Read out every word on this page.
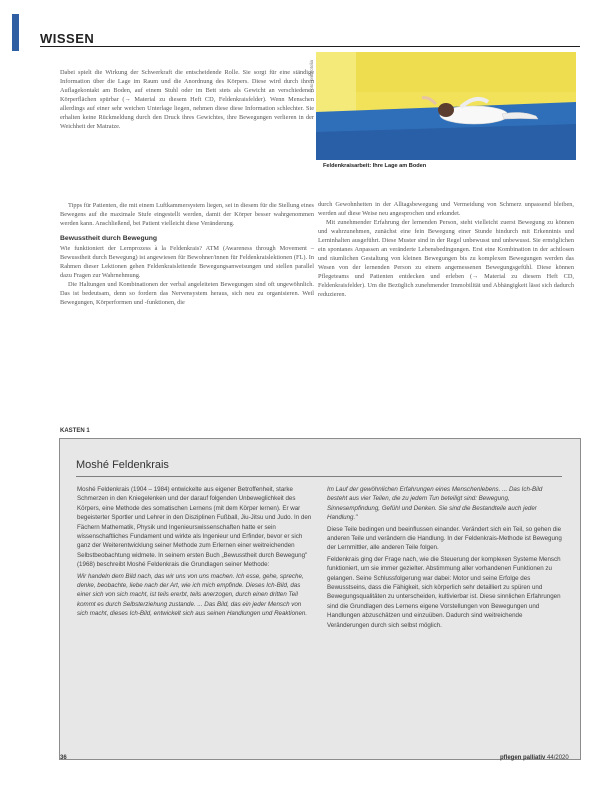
WISSEN
Foto: pm/Fotolia
Feldenkraisarbeit: Ihre Lage am Boden

Dabei spielt die Wirkung der Schwerkraft die entscheidende Rolle. Sie sorgt für eine ständige Information über die Lage im Raum und die Anordnung des Körpers. Diese wird durch ihren Auflagekontakt am Boden, auf einem Stuhl oder im Bett stets als Gewicht an verschiedenen Körperflächen spürbar (→ Material zu diesem Heft CD, Feldenkraisfelder). Wenn Menschen allerdings auf einer sehr weichen Unterlage liegen, nehmen diese diese Information schlechter. Sie erhalten keine Rückmeldung durch den Druck ihres Gewichtes, ihre Bewegungen verlieren in der Weichheit der Matratze.

Tipps für Patienten, die mit einem Luftkammersystem liegen, sei in diesem für die Stellung eines Bewegens auf die maximale Stufe eingestellt werden, damit der Körper besser wahrgenommen werden kann. Anschließend, bei Patient vielleicht diese Veränderung.

Bewusstheit durch Bewegung

Wie funktioniert der Lernprozess à la Feldenkrais? ATM (Awareness through Movement – Bewusstheit durch Bewegung) ist angewiesen für Bewohner/innen für Feldenkraislektionen (FL). In Rahmen dieser Lektionen gehen Feldenkraisleitende Bewegungsanweisungen und stellen parallel dazu Fragen zur Wahrnehmung.

Die Haltungen und Kombinationen der verbal angeleiteten Bewegungen sind oft ungewöhnlich. Das ist bedeutsam, denn so fordern das Nervensystem heraus, sich neu zu organisieren. Weil Bewegungen, Körperformen und -funktionen, die

durch Gewohnheiten in der Alltagsbewegung und Vermeidung von Schmerz unpassend bleiben, werden auf diese Weise neu angesprochen und erkundet.

Mit zunehmender Erfahrung der lernenden Person, steht vielleicht zuerst Bewegung zu können und wahrzunehmen, zunächst eine fein Bewegung einer Stunde hindurch mit Erkenntnis und Lerninhalten ausgeführt. Diese Muster sind in der Regel unbewusst und unbewusst. Sie ermöglichen ein spontanes Anpassen an veränderte Lebensbedingungen. Erst eine Kombination in der achtlosen und räumlichen Gestaltung von kleinen Bewegungen bis zu komplexen Bewegungen werden das Wesen von der lernenden Person zu einem angemessenen Bewegungsgefühl. Diese können Pflegeteams und Patienten entdecken und erleben (→ Material zu diesem Heft CD, Feldenkraisfelder). Um die Bezüglich zunehmender Immobilität und Abhängigkeit lässt sich dadurch reduzieren.

KASTEN 1
Moshé Feldenkrais

Moshé Feldenkrais (1904 – 1984) entwickelte aus eigener Betroffenheit, starke Schmerzen in den Kniegelenken und der darauf folgenden Unbeweglichkeit des Körpers, eine Methode des somatischen Lernens (mit dem Körper lernen). Er war begeisterter Sportler und Lehrer in den Disziplinen Fußball, Jiu-Jitsu und Judo. In den Fächern Mathematik, Physik und Ingenieurswissenschaften hatte er sein wissenschaftliches Fundament und wirkte als Ingenieur und Erfinder, bevor er sich ganz der Weiterentwicklung seiner Methode zum Erlernen einer weitreichenden Selbstbeobachtung widmete. In seinem ersten Buch „Bewusstheit durch Bewegung" (1968) beschreibt Moshé Feldenkrais die Grundlagen seiner Methode:

Wir handeln dem Bild nach, das wir uns von uns machen. Ich esse, gehe, spreche, denke, beobachte, liebe nach der Art, wie ich mich empfinde. Dieses Ich-Bild, das einer sich von sich macht, ist teils ererbt, teils anerzogen, durch einen dritten Teil kommt es durch Selbsterziehung zustande. ... Das Bild, das ein jeder Mensch von sich macht, dieses Ich-Bild, entwickelt sich aus seinen Handlungen und Reaktionen.

Im Lauf der gewöhnlichen Erfahrungen eines Menschenlebens. ... Das Ich-Bild besteht aus vier Teilen, die zu jedem Tun beteiligt sind: Bewegung, Sinnesempfindung, Gefühl und Denken. Sie sind die Bestandteile auch jeder Handlung."

Diese Teile bedingen und beeinflussen einander. Verändert sich ein Teil, so gehen die anderen Teile und verändern die Handlung. In der Feldenkrais-Methode ist Bewegung der Lernmittler, alle anderen Teile folgen.

Feldenkrais ging der Frage nach, wie die Steuerung der komplexen Systeme Mensch funktioniert, um sie immer gezielter. Abstimmung aller vorhandenen Funktionen zu gelangen. Seine Schlussfolgerung war dabei: Motor und seine Erfolge des Bewusstseins, dass die Fähigkeit, sich körperlich sehr detailliert zu spüren und Bewegungsqualitäten zu unterscheiden, kultivierbar ist. Diese sinnlichen Erfahrungen sind die Grundlagen des Lernens eigene Vorstellungen von Bewegungen und Handlungen abzuschätzen und einzuüben. Dadurch sind weitreichende Veränderungen durch sich selbst möglich.

36	pflegen palliativ 44/2020
